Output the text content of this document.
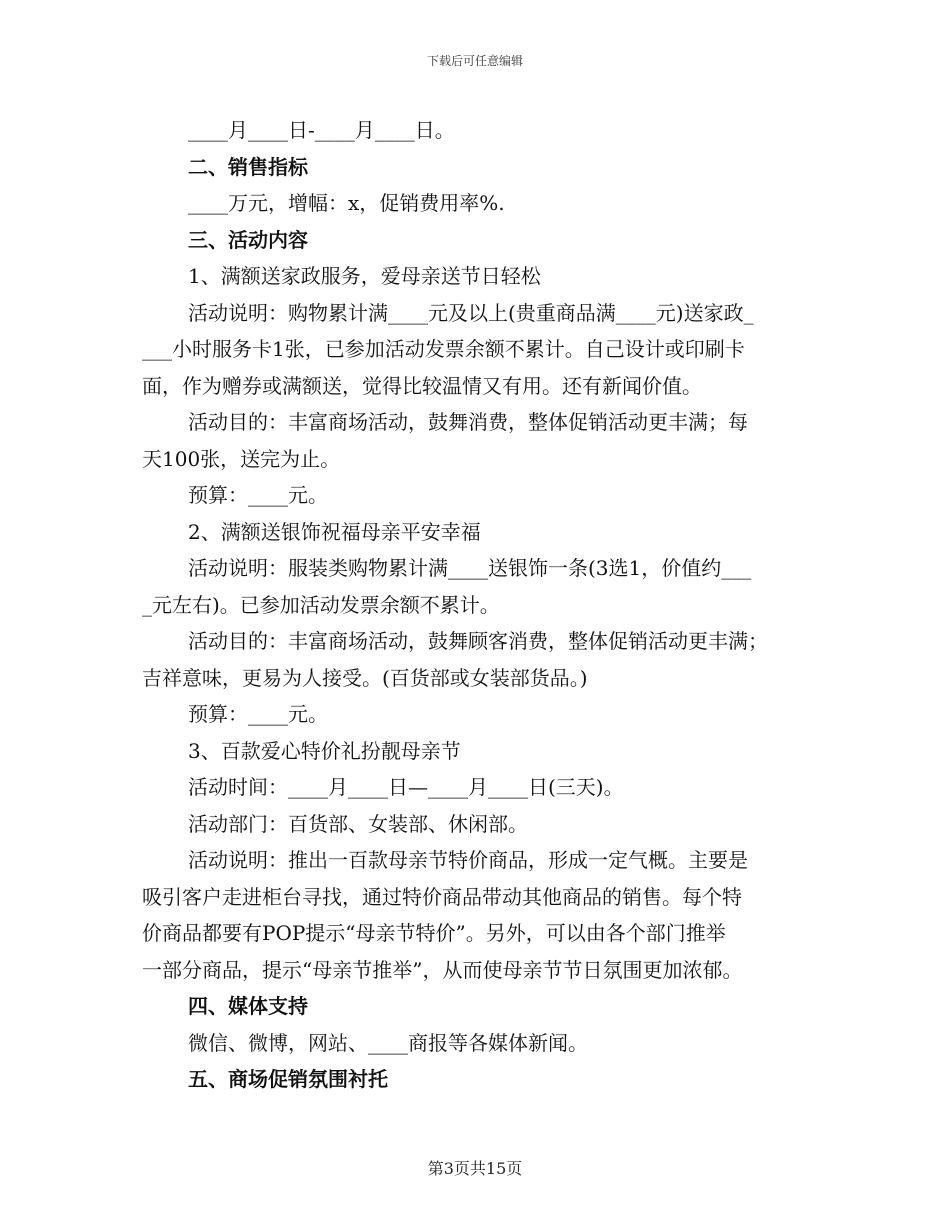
下载后可任意编辑

____月____日-____月____日。

二、销售指标

____万元，增幅：x，促销费用率%.

三、活动内容

1、满额送家政服务，爱母亲送节日轻松

活动说明：购物累计满____元及以上(贵重商品满____元)送家政_

___小时服务卡1张，已参加活动发票余额不累计。自己设计或印刷卡

面，作为赠券或满额送，觉得比较温情又有用。还有新闻价值。

活动目的：丰富商场活动，鼓舞消费，整体促销活动更丰满；每

天100张，送完为止。

预算：____元。

2、满额送银饰祝福母亲平安幸福

活动说明：服装类购物累计满____送银饰一条(3选1，价值约___

_元左右)。已参加活动发票余额不累计。

活动目的：丰富商场活动，鼓舞顾客消费，整体促销活动更丰满；

吉祥意味，更易为人接受。(百货部或女装部货品。)

预算：____元。

3、百款爱心特价礼扮靓母亲节

活动时间：____月____日—____月____日(三天)。

活动部门：百货部、女装部、休闲部。

活动说明：推出一百款母亲节特价商品，形成一定气概。主要是

吸引客户走进柜台寻找，通过特价商品带动其他商品的销售。每个特

价商品都要有POP提示“母亲节特价”。另外，可以由各个部门推举

一部分商品，提示“母亲节推举”，从而使母亲节节日氛围更加浓郁。

四、媒体支持

微信、微博，网站、____商报等各媒体新闻。

五、商场促销氛围衬托

第3页共15页
